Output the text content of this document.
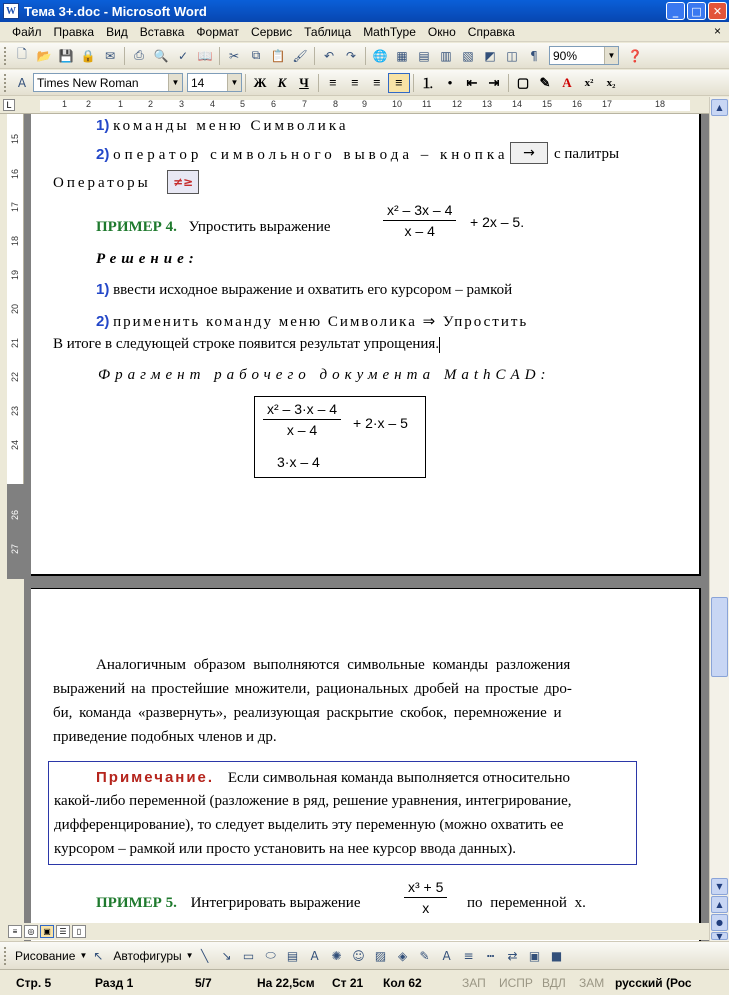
W Тема 3+.doc - Microsoft Word	_	□	✕
Файл	Правка	Вид	Вставка	Формат	Сервис	Таблица	MathType	Окно	Справка	×
🗋 📂 💾 🔒 ✉	⎙ 🔍 ✓ 📖	✂	⧉ 📋 🖌	↶ ↷	🌐 ▦ ▤ ▥ ▧ ◩ ◫	¶	90%	▼ ❓
A Times New Roman	▼ 14	▼	Ж К Ч	≡	≡	≡	≡	⒈	•	⇤ ⇥	▢ ✎ A	x²	x₂
L	1 2	1	2	3	4	5	6	7	8	9	10 11 12 13 14 15 16 17	18
15
16
17
18
19
20
21
22
23
24
26
27
1) команды меню Символика
2) оператор символьного вывода – кнопка	→	с палитры
Операторы	≠≥
ПРИМЕР 4. Упростить выражение
x² – 3x – 4
x – 4
+ 2x – 5.
Решение:
1) ввести исходное выражение и охватить его курсором – рамкой
2) применить команду меню Символика ⇒ Упростить
В итоге в следующей строке появится результат упрощения.
Фрагмент рабочего документа MathCAD:
x² – 3·x – 4
x – 4	+ 2·x – 5
3·x – 4
Аналогичным образом выполняются символьные команды разложения
выражений на простейшие множители, рациональных дробей на простые дро-
би, команда «развернуть», реализующая раскрытие скобок, перемножение и
приведение подобных членов и др.
Примечание. Если символьная команда выполняется относительно
какой-либо переменной (разложение в ряд, решение уравнения, интегрирование,
дифференцирование), то следует выделить эту переменную (можно охватить ее
курсором – рамкой или просто установить на нее курсор ввода данных).
ПРИМЕР 5. Интегрировать выражение
x³ + 5
x	по переменной x.
▲
▼
▲
●
▼
≡	◎	▣	☰	▯
Рисование ▼ ↖ Автофигуры ▼ ╲	↘ ▭ ⬭ ▤	A	✺ ☺ ▨ ◈	✎	A	≡	┅	⇄ ▣ ■
Стр. 5	Разд 1	5/7	На 22,5см Ст 21 Кол 62	ЗАП ИСПР ВДЛ ЗАМ русский (Рос
